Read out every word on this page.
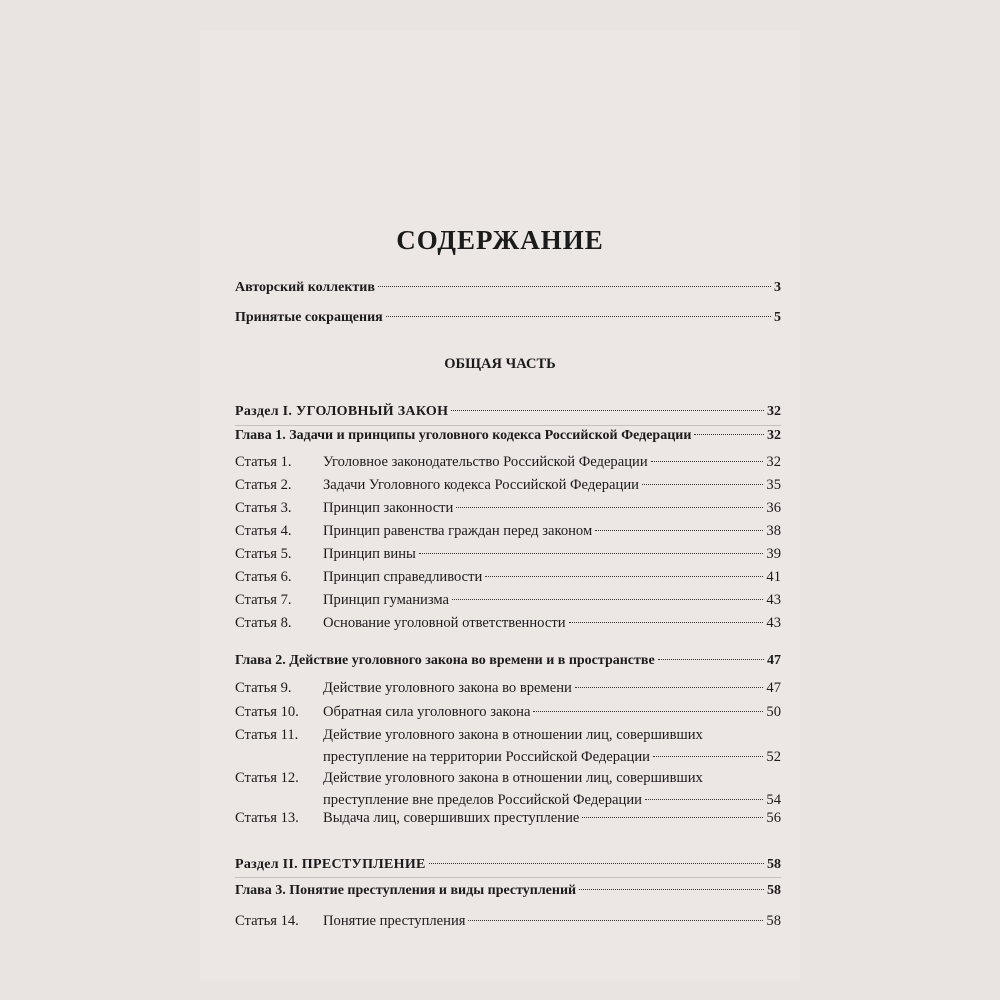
СОДЕРЖАНИЕ
Авторский коллектив	3
Принятые сокращения	5
ОБЩАЯ ЧАСТЬ
Раздел I. УГОЛОВНЫЙ ЗАКОН	32
Глава 1. Задачи и принципы уголовного кодекса Российской Федерации	32
Статья 1.	Уголовное законодательство Российской Федерации	32
Статья 2.	Задачи Уголовного кодекса Российской Федерации	35
Статья 3.	Принцип законности	36
Статья 4.	Принцип равенства граждан перед законом	38
Статья 5.	Принцип вины	39
Статья 6.	Принцип справедливости	41
Статья 7.	Принцип гуманизма	43
Статья 8.	Основание уголовной ответственности	43
Глава 2. Действие уголовного закона во времени и в пространстве	47
Статья 9.	Действие уголовного закона во времени	47
Статья 10.	Обратная сила уголовного закона	50
Статья 11.	Действие уголовного закона в отношении лиц, совершивших
преступление на территории Российской Федерации	52
Статья 12.	Действие уголовного закона в отношении лиц, совершивших
преступление вне пределов Российской Федерации	54
Статья 13.	Выдача лиц, совершивших преступление	56
Раздел II. ПРЕСТУПЛЕНИЕ	58
Глава 3. Понятие преступления и виды преступлений	58
Статья 14.	Понятие преступления	58
